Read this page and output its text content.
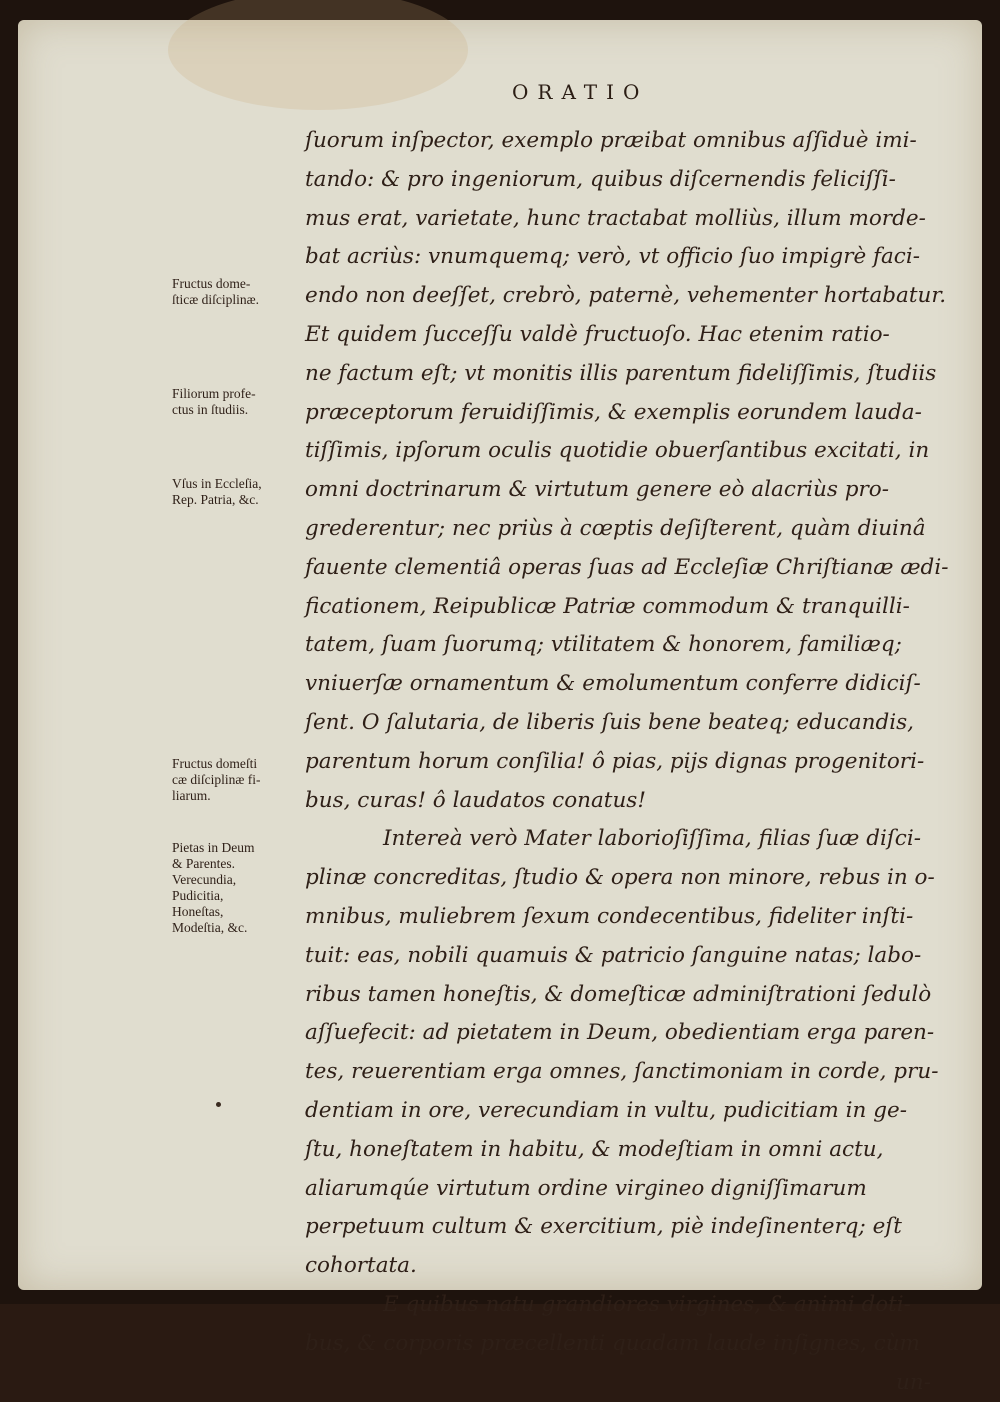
ORATIO
ſuorum inſpector, exemplo præibat omnibus aſſiduè imi-
tando: & pro ingeniorum, quibus diſcernendis feliciſſi-
mus erat, varietate, hunc tractabat molliùs, illum morde-
bat acriùs: vnumquemq; verò, vt officio ſuo impigrè faci-
endo non deeſſet, crebrò, paternè, vehementer hortabatur.
Et quidem ſucceſſu valdè fructuoſo. Hac etenim ratio-
ne factum eſt; vt monitis illis parentum fideliſſimis, ſtudiis
præceptorum feruidiſſimis, & exemplis eorundem lauda-
tiſſimis, ipſorum oculis quotidie obuerſantibus excitati, in
omni doctrinarum & virtutum genere eò alacriùs pro-
grederentur; nec priùs à cœptis deſiſterent, quàm diuinâ
fauente clementiâ operas ſuas ad Eccleſiæ Chriſtianæ ædi-
ficationem, Reipublicæ Patriæ commodum & tranquilli-
tatem, ſuam ſuorumq; vtilitatem & honorem, familiæq;
vniuerſæ ornamentum & emolumentum conferre didiciſ-
ſent. O ſalutaria, de liberis ſuis bene beateq; educandis,
parentum horum conſilia! ô pias, pijs dignas progenitori-
bus, curas! ô laudatos conatus!
Intereà verò Mater laborioſiſſima, filias ſuæ diſci-
plinæ concreditas, ſtudio & opera non minore, rebus in o-
mnibus, muliebrem ſexum condecentibus, fideliter inſti-
tuit: eas, nobili quamuis & patricio ſanguine natas; labo-
ribus tamen honeſtis, & domeſticæ adminiſtrationi ſedulò
aſſuefecit: ad pietatem in Deum, obedientiam erga paren-
tes, reuerentiam erga omnes, ſanctimoniam in corde, pru-
dentiam in ore, verecundiam in vultu, pudicitiam in ge-
ſtu, honeſtatem in habitu, & modeſtiam in omni actu,
aliarumqúe virtutum ordine virgineo digniſſimarum
perpetuum cultum & exercitium, piè indeſinenterq; eſt
cohortata.
E quibus natu grandiores virgines, & animi doti-
bus, & corporis præcellenti quadam laude inſignes, cùm
un-
Fructus dome-
ſticæ diſciplinæ.
Filiorum profe-
ctus in ſtudiis.
Vſus in Eccleſia,
Rep. Patria, &c.
Fructus domeſti
cæ diſciplinæ fi-
liarum.
Pietas in Deum
& Parentes.
Verecundia,
Pudicitia,
Honeſtas,
Modeſtia, &c.
